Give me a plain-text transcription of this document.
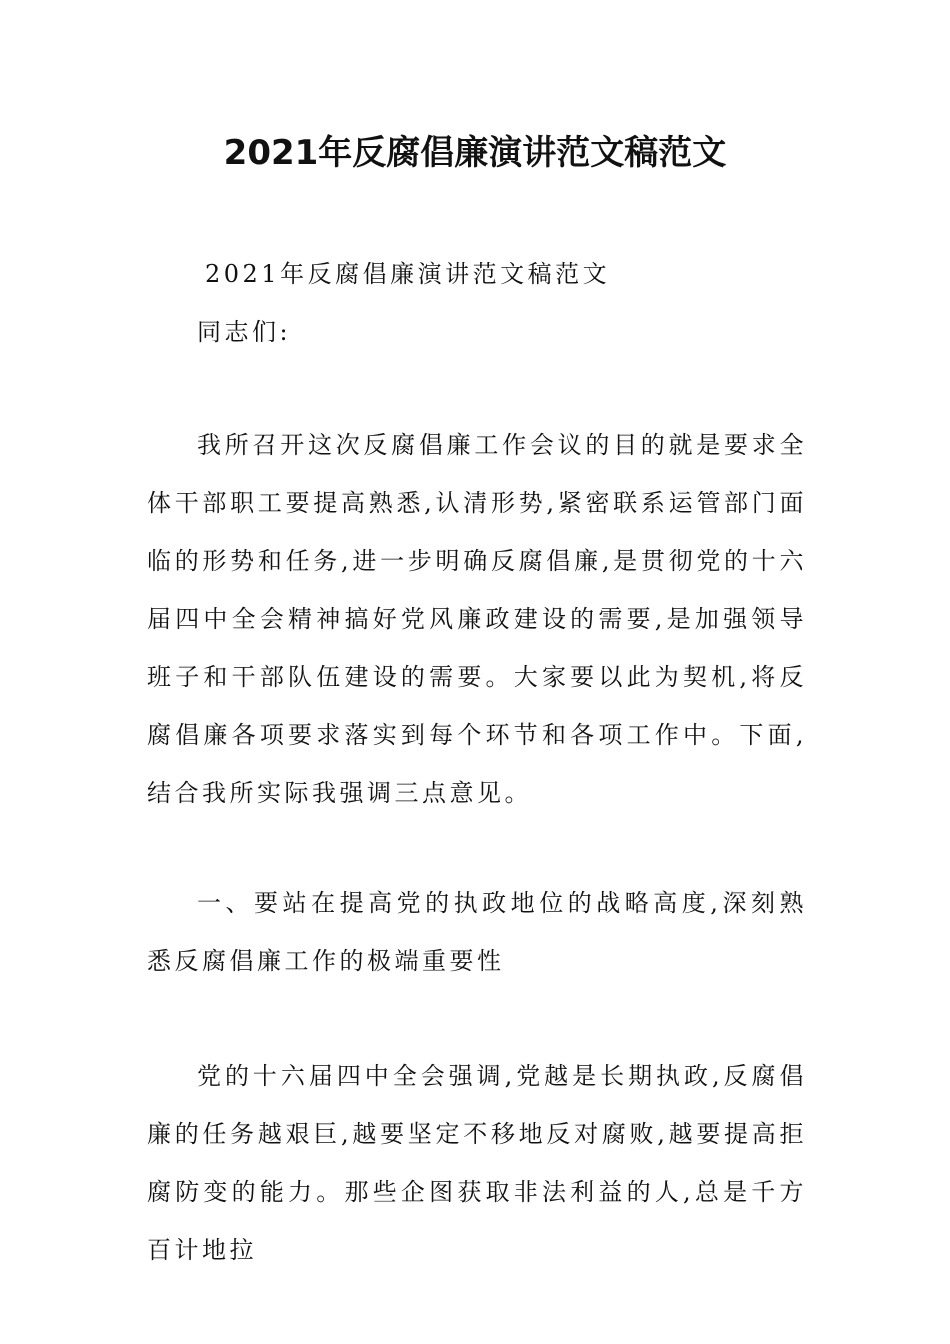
2021年反腐倡廉演讲范文稿范文

2021年反腐倡廉演讲范文稿范文

同志们:

我所召开这次反腐倡廉工作会议的目的就是要求全体干部职工要提高熟悉,认清形势,紧密联系运管部门面临的形势和任务,进一步明确反腐倡廉,是贯彻党的十六届四中全会精神搞好党风廉政建设的需要,是加强领导班子和干部队伍建设的需要。大家要以此为契机,将反腐倡廉各项要求落实到每个环节和各项工作中。下面,结合我所实际我强调三点意见。

一、要站在提高党的执政地位的战略高度,深刻熟悉反腐倡廉工作的极端重要性

党的十六届四中全会强调,党越是长期执政,反腐倡廉的任务越艰巨,越要坚定不移地反对腐败,越要提高拒腐防变的能力。那些企图获取非法利益的人,总是千方百计地拉
